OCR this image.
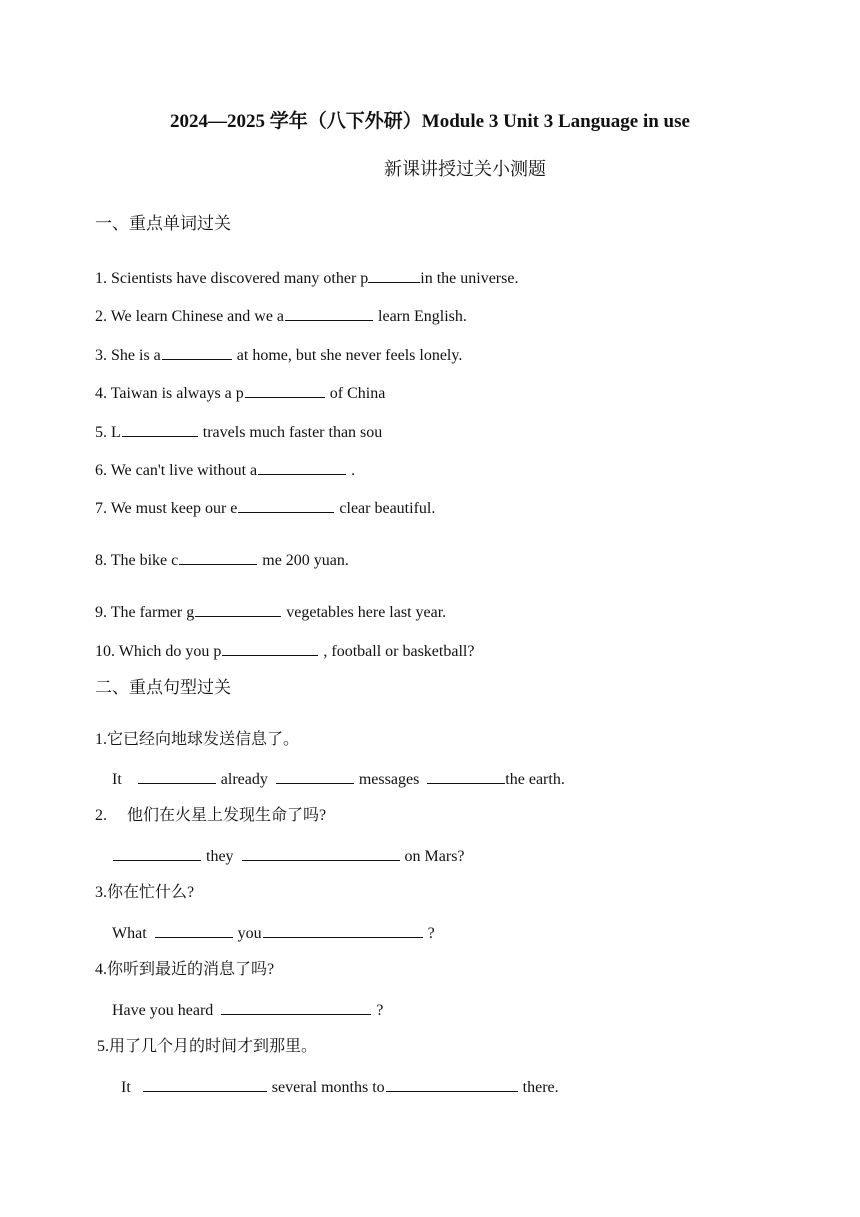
2024—2025 学年（八下外研）Module 3 Unit 3 Language in use
新课讲授过关小测题
一、重点单词过关
1. Scientists have discovered many other p	in the universe.
2. We learn Chinese and we a	learn English.
3. She is a	at home, but she never feels lonely.
4. Taiwan is always a p	of China
5. L	travels much faster than sou
6. We can't live without a	.
7. We must keep our e	clear beautiful.
8. The bike c	me 200 yuan.
9. The farmer g	vegetables here last year.
10. Which do you p	, football or basketball?
二、重点句型过关
1.它已经向地球发送信息了。
It	already	messages	the earth.
2.     他们在火星上发现生命了吗?
they	on Mars?
3.你在忙什么?
What	you	?
4.你听到最近的消息了吗?
Have you heard	?
5.用了几个月的时间才到那里。
It	several months to	there.
